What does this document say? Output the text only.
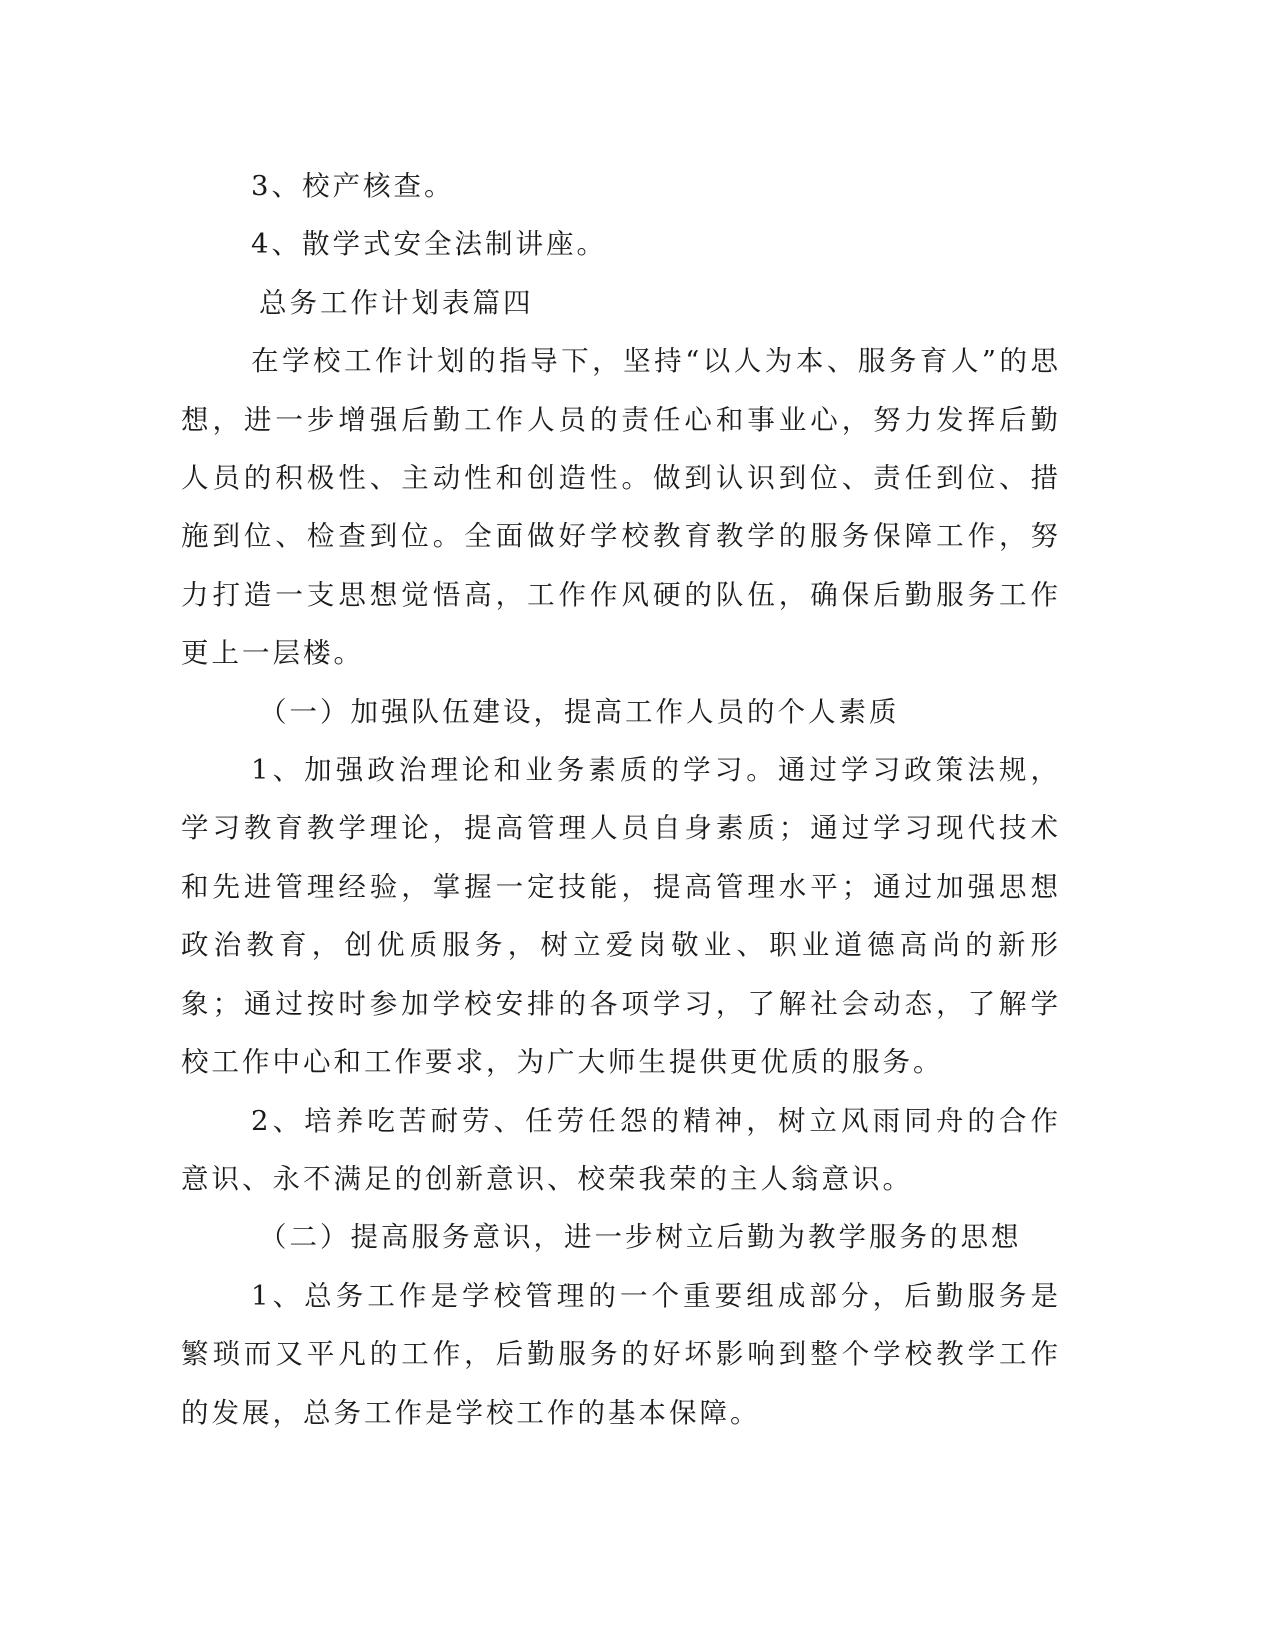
3、校产核查。

4、散学式安全法制讲座。

总务工作计划表篇四

在学校工作计划的指导下，坚持“以人为本、服务育人”的思想，进一步增强后勤工作人员的责任心和事业心，努力发挥后勤人员的积极性、主动性和创造性。做到认识到位、责任到位、措施到位、检查到位。全面做好学校教育教学的服务保障工作，努力打造一支思想觉悟高，工作作风硬的队伍，确保后勤服务工作更上一层楼。

（一）加强队伍建设，提高工作人员的个人素质

1、加强政治理论和业务素质的学习。通过学习政策法规，学习教育教学理论，提高管理人员自身素质；通过学习现代技术和先进管理经验，掌握一定技能，提高管理水平；通过加强思想政治教育，创优质服务，树立爱岗敬业、职业道德高尚的新形象；通过按时参加学校安排的各项学习，了解社会动态，了解学校工作中心和工作要求，为广大师生提供更优质的服务。

2、培养吃苦耐劳、任劳任怨的精神，树立风雨同舟的合作意识、永不满足的创新意识、校荣我荣的主人翁意识。

（二）提高服务意识，进一步树立后勤为教学服务的思想

1、总务工作是学校管理的一个重要组成部分，后勤服务是繁琐而又平凡的工作，后勤服务的好坏影响到整个学校教学工作的发展，总务工作是学校工作的基本保障。
